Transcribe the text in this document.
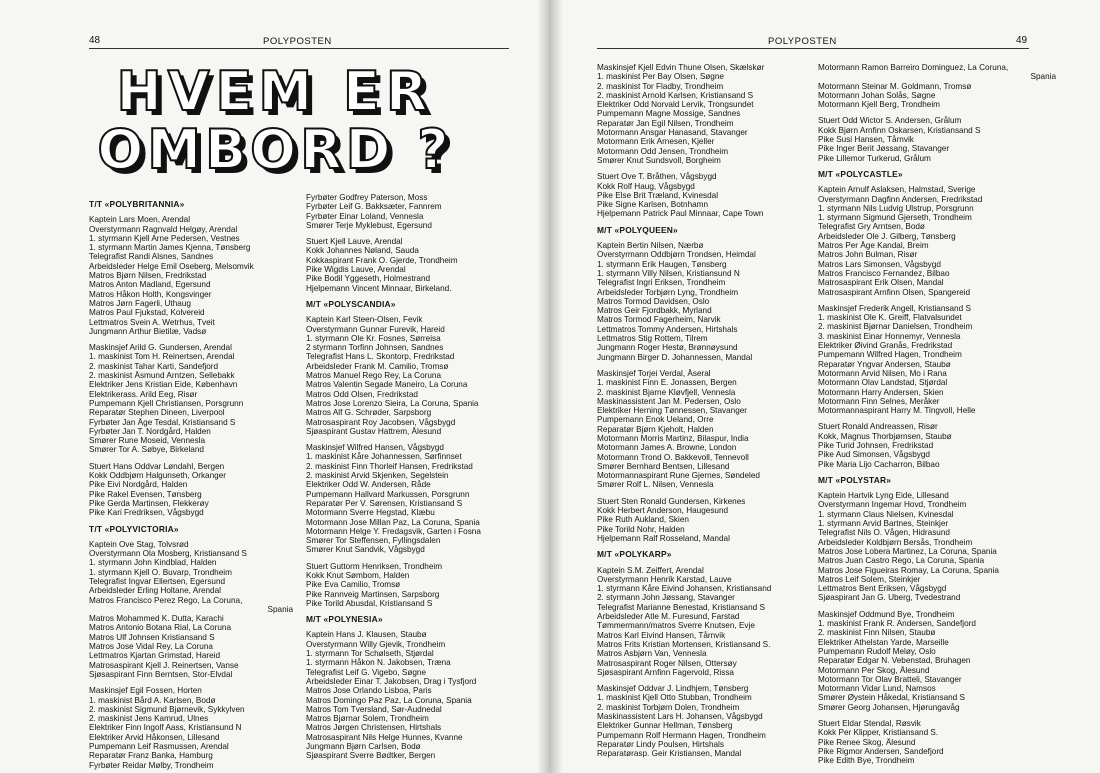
48	POLYPOSTEN
HVEM ER
OMBORD ?
T/T «POLYBRITANNIA»
Kaptein Lars Moen, Arendal
Overstyrmann Ragnvald Helgøy, Arendal
1. styrmann Kjell Arne Pedersen, Vestnes
1. styrmann Martin James Kjenna, Tønsberg
Telegrafist Randi Alsnes, Sandnes
Arbeidsleder Helge Emil Oseberg, Melsomvik
Matros Bjørn Nilsen, Fredrikstad
Matros Anton Madland, Egersund
Matros Håkon Holth, Kongsvinger
Matros Jørn Fagerli, Uthaug
Matros Paul Fjukstad, Kolvereid
Lettmatros Svein A. Wetrhus, Tveit
Jungmann Arthur Bietilæ, Vadsø
Maskinsjef Arild G. Gundersen, Arendal
1. maskinist Tom H. Reinertsen, Arendal
2. maskinist Tahar Karti, Sandefjord
2. maskinist Åsmund Arntzen, Sellebakk
Elektriker Jens Kristian Eide, København
Elektrikerass. Arild Eeg, Risør
Pumpemann Kjell Christiansen, Porsgrunn
Reparatør Stephen Dineen, Liverpool
Fyrbøter Jan Åge Tesdal, Kristiansand S
Fyrbøter Jan T. Nordgård, Halden
Smører Rune Moseid, Vennesla
Smører Tor A. Søbye, Birkeland
Stuert Hans Oddvar Løndahl, Bergen
Kokk Oddbjørn Halgunseth, Orkanger
Pike Eivi Nordgård, Halden
Pike Rakel Evensen, Tønsberg
Pike Gerda Martinsen, Flekkerøy
Pike Kari Fredriksen, Vågsbygd
T/T «POLYVICTORIA»
Kaptein Ove Stag, Tolvsrød
Overstyrmann Ola Mosberg, Kristiansand S
1. styrmann John Kindblad, Halden
1. styrmann Kjell O. Buvarp, Trondheim
Telegrafist Ingvar Ellertsen, Egersund
Arbeidsleder Erling Holtane, Arendal
Matros Francisco Perez Rego, La Coruna,
Spania
Matros Mohammed K. Dutta, Karachi
Matros Antonio Botana Rial, La Coruna
Matros Ulf Johnsen Kristiansand S
Matros Jose Vidal Rey, La Coruna
Lettmatros Kjartan Grimstad, Hareid
Matrosaspirant Kjell J. Reinertsen, Vanse
Sjøsaspirant Finn Berntsen, Stor-Elvdal
Maskinsjef Egil Fossen, Horten
1. maskinist Bård A. Karlsen, Bodø
2. maskinist Sigmund Bjørnevik, Sykkylven
2. maskinist Jens Kamrud, Ulnes
Elektriker Finn Ingolf Aass, Kristiansund N
Elektriker Arvid Håkonsen, Lillesand
Pumpemann Leif Rasmussen, Arendal
Reparatør Franz Banka, Hamburg
Fyrbøter Reidar Mølby, Trondheim
Fyrbøter Godfrey Paterson, Moss
Fyrbøter Leif G. Bakksæter, Fannrem
Fyrbøter Einar Loland, Vennesla
Smører Terje Myklebust, Egersund
Stuert Kjell Lauve, Arendal
Kokk Johannes Nøland, Sauda
Kokkaspirant Frank O. Gjerde, Trondheim
Pike Wigdis Lauve, Arendal
Pike Bodil Yggeseth, Holmestrand
Hjelpemann Vincent Minnaar, Birkeland.
M/T «POLYSCANDIA»
Kaptein Karl Steen-Olsen, Fevik
Overstyrmann Gunnar Furevik, Hareid
1. styrmann Ole Kr. Fosnes, Sørreisa
2 styrmann Torfinn Johnsen, Sandnes
Telegrafist Hans L. Skontorp, Fredrikstad
Arbeidsleder Frank M. Camilio, Tromsø
Matros Manuel Rego Rey, La Coruna
Matros Valentin Segade Maneiro, La Coruna
Matros Odd Olsen, Fredrikstad
Matros Jose Lorenzo Sieira, La Coruna, Spania
Matros Alf G. Schrøder, Sarpsborg
Matrosaspirant Roy Jacobsen, Vågsbygd
Sjøaspirant Gustav Hattrem, Ålesund
Maskinsjef Wilfred Hansen, Vågsbygd
1. maskinist Kåre Johannessen, Sørfinnset
2. maskinist Finn Thorleif Hansen, Fredrikstad
2. maskinist Arvid Skjenken, Segelstein
Elektriker Odd W. Andersen, Råde
Pumpemann Hallvard Markussen, Porsgrunn
Reparatør Per V. Sørensen, Kristiansand S
Motormann Sverre Hegstad, Klæbu
Motormann Jose Millan Paz, La Coruna, Spania
Motormann Helge Y. Fredagsvik, Garten i Fosna
Smører Tor Steffensen, Fyllingsdalen
Smører Knut Sandvik, Vågsbygd
Stuert Guttorm Henriksen, Trondheim
Kokk Knut Sømbom, Halden
Pike Eva Camilio, Tromsø
Pike Rannveig Martinsen, Sarpsborg
Pike Torild Abusdal, Kristiansand S
M/T «POLYNESIA»
Kaptein Hans J. Klausen, Staubø
Overstyrmann Willy Gjevik, Trondheim
1. styrmann Tor Schølseth, Stjørdal
1. styrmann Håkon N. Jakobsen, Træna
Telegrafist Leif G. Vigebo, Søgne
Arbeidsleder Einar T. Jakobsen, Drag i Tysfjord
Matros Jose Orlando Lisboa, Paris
Matros Domingo Paz Paz, La Coruna, Spania
Matros Tom Tversland, Sør-Audnedal
Matros Bjørnar Solem, Trondheim
Matros Jørgen Christensen, Hirtshals
Matrosaspirant Nils Helge Hunnes, Kvanne
Jungmann Bjørn Carlsen, Bodø
Sjøaspirant Sverre Bødtker, Bergen
POLYPOSTEN	49
Maskinsjef Kjell Edvin Thune Olsen, Skælskør
1. maskinist Per Bay Olsen, Søgne
2. maskinist Tor Fladby, Trondheim
2. maskinist Arnold Karlsen, Kristiansand S
Elektriker Odd Norvald Lervik, Trongsundet
Pumpemann Magne Mossige, Sandnes
Reparatør Jan Egil Nilsen, Trondheim
Motormann Ansgar Hanasand, Stavanger
Motormann Erik Arnesen, Kjeller
Motormann Odd Jensen, Trondheim
Smører Knut Sundsvoll, Borgheim
Stuert Ove T. Bråthen, Vågsbygd
Kokk Rolf Haug, Vågsbygd
Pike Else Brit Træland, Kvinesdal
Pike Signe Karlsen, Botnhamn
Hjelpemann Patrick Paul Minnaar, Cape Town
M/T «POLYQUEEN»
Kaptein Bertin Nilsen, Nærbø
Overstyrmann Oddbjørn Trondsen, Heimdal
1. styrmann Erik Haugen, Tønsberg
1. styrmann Villy Nilsen, Kristiansund N
Telegrafist Ingri Eriksen, Trondheim
Arbeidsleder Torbjørn Lyng, Trondheim
Matros Tormod Davidsen, Oslo
Matros Geir Fjordbakk, Myrland
Matros Tormod Fagerheim, Narvik
Lettmatros Tommy Andersen, Hirtshals
Lettmatros Stig Rottem, Tilrem
Jungmann Roger Hestø, Brønnøysund
Jungmann Birger D. Johannessen, Mandal
Maskinsjef Torjei Verdal, Åseral
1. maskinist Finn E. Jonassen, Bergen
2. maskinist Bjarne Kløvfjell, Vennesla
Maskinassistent Jan M. Pedersen, Oslo
Elektriker Herning Tønnessen, Stavanger
Pumpemann Enok Ueland, Orre
Reparatør Bjørn Kjeholt, Halden
Motormann Morris Martinz, Bilaspur, India
Motormann James A. Browne, London
Motormann Trond O. Bakkevoll, Tennevoll
Smører Bernhard Bentsen, Lillesand
Motormannaspirant Rune Gjernes, Søndeled
Smører Rolf L. Nilsen, Vennesla
Stuert Sten Ronald Gundersen, Kirkenes
Kokk Herbert Anderson, Haugesund
Pike Ruth Aukland, Skien
Pike Torild Nohr, Halden
Hjelpemann Ralf Rosseland, Mandal
M/T «POLYKARP»
Kaptein S.M. Zeiffert, Arendal
Overstyrmann Henrik Karstad, Lauve
1. styrmann Kåre Eivind Johansen, Kristiansand
2. styrmann John Jøssang, Stavanger
Telegrafist Marianne Benestad, Kristiansand S
Arbeidsleder Atle M. Furesund, Farstad
Tømmermann/matros Sverre Knutsen, Evje
Matros Karl Eivind Hansen, Tårnvik
Matros Frits Kristian Mortensen, Kristiansand S.
Matros Asbjørn Van, Vennesla
Matrosaspirant Roger Nilsen, Ottersøy
Sjøsaspirant Arnfinn Fagervold, Rissa
Maskinsjef Oddvar J. Lindhjem, Tønsberg
1. maskinist Kjell Otto Stubban, Trondheim
2. maskinist Torbjørn Dolen, Trondheim
Maskinassistent Lars H. Johansen, Vågsbygd
Elektriker Gunnar Hellman, Tønsberg
Pumpemann Rolf Hermann Hagen, Trondheim
Reparatør Lindy Poulsen, Hirtshals
Reparatørasp. Geir Kristiansen, Mandal
Motormann Ramon Barreiro Dominguez, La Coruna,
Spania
Motormann Steinar M. Goldmann, Tromsø
Motormann Johan Solås, Søgne
Motormann Kjell Berg, Trondheim
Stuert Odd Wictor S. Andersen, Grålum
Kokk Bjørn Arnfinn Oskarsen, Kristiansand S
Pike Susi Hansen, Tårnvik
Pike Inger Berit Jøssang, Stavanger
Pike Lillemor Turkerud, Grålum
M/T «POLYCASTLE»
Kaptein Arnulf Aslaksen, Halmstad, Sverige
Overstyrmann Dagfinn Andersen, Fredrikstad
1. styrmann Nils Ludvig Ulstrup, Porsgrunn
1. styrmann Sigmund Gjerseth, Trondheim
Telegrafist Gry Arntsen, Bodø
Arbeidsleder Ole J. Gilberg, Tønsberg
Matros Per Åge Kandal, Breim
Matros John Bulman, Risør
Matros Lars Simonsen, Vågsbygd
Matros Francisco Fernandez, Bilbao
Matrosaspirant Erik Olsen, Mandal
Matrosaspirant Arnfinn Olsen, Spangereid
Maskinsjef Frederik Angell, Kristiansand S
1. maskinist Ole K. Greiff, Flatvalsundet
2. maskinist Bjørnar Danielsen, Trondheim
3. maskinist Einar Honnemyr, Vennesla
Elektriker Øivind Granås, Fredrikstad
Pumpemann Wilfred Hagen, Trondheim
Reparatør Yngvar Andersen, Staubø
Motormann Arvid Nilsen, Mo i Rana
Motormann Olav Landstad, Stjørdal
Motormann Harry Andersen, Skien
Motormann Finn Selnes, Meråker
Motormannaspirant Harry M. Tingvoll, Helle
Stuert Ronald Andreassen, Risør
Kokk, Magnus Thorbjørnsen, Staubø
Pike Turid Johnsen, Fredrikstad
Pike Aud Simonsen, Vågsbygd
Pike Maria Lijo Cacharron, Bilbao
M/T «POLYSTAR»
Kaptein Hartvik Lyng Eide, Lillesand
Overstyrmann Ingemar Hovd, Trondheim
1. styrmann Claus Nielsen, Kvinesdal
1. styrmann Arvid Bartnes, Steinkjer
Telegrafist Nils O. Vågen, Hidrasund
Arbeidsleder Koldbjørn Bersås, Trondheim
Matros Jose Lobera Martinez, La Coruna, Spania
Matros Juan Castro Rego, La Coruna, Spania
Matros Jose Figueiras Romay, La Coruna, Spania
Matros Leif Solem, Steinkjer
Lettmatros Bent Eriksen, Vågsbygd
Sjøaspirant Jan G. Uberg, Tvedestrand
Maskinsjef Oddmund Bye, Trondheim
1. maskinist Frank R. Andersen, Sandefjord
2. maskinist Finn Nilsen, Staubø
Elektriker Athelstan Yarde, Marseille
Pumpemann Rudolf Meløy, Oslo
Reparatør Edgar N. Vebenstad, Bruhagen
Motormann Per Skog, Ålesund
Motormann Tor Olav Bratteli, Stavanger
Motormann Vidar Lund, Namsos
Smører Øystein Håkedal, Kristiansand S
Smører Georg Johansen, Hjørungavåg
Stuert Eldar Stendal, Røsvik
Kokk Per Klipper, Kristiansand S.
Pike Renee Skog, Ålesund
Pike Rigmor Andersen, Sandefjord
Pike Edith Bye, Trondheim
